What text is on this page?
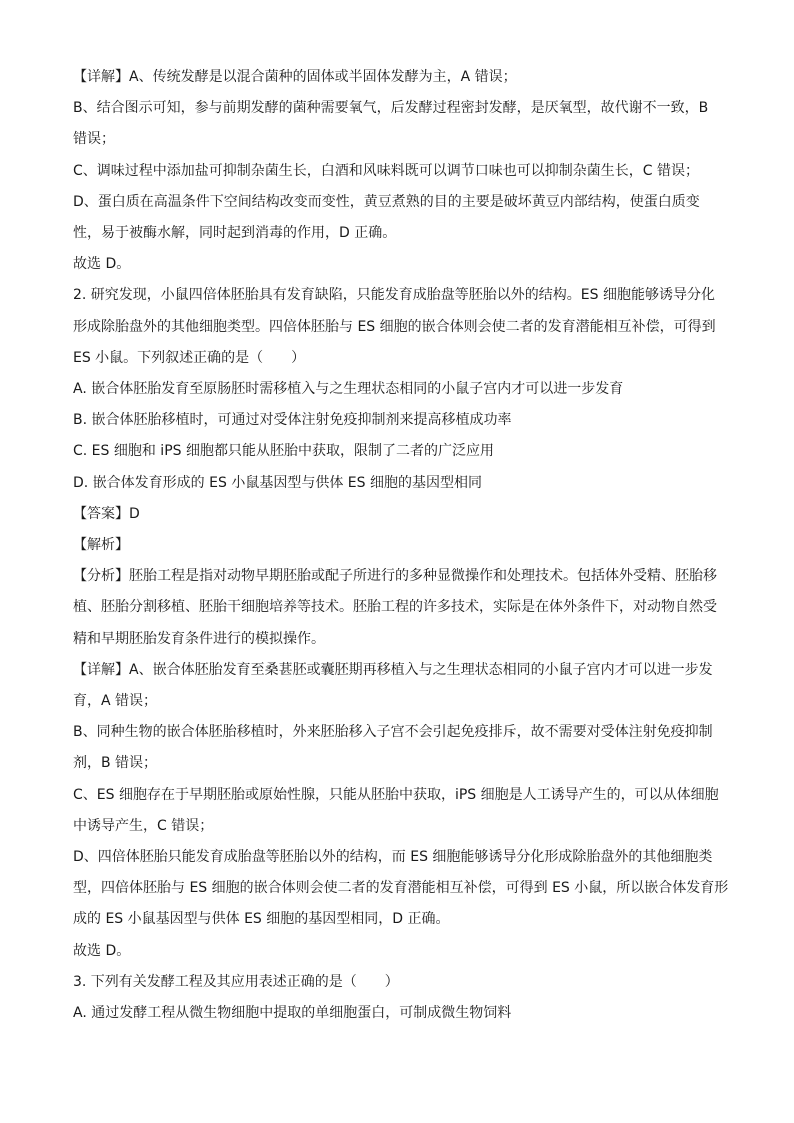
【详解】A、传统发酵是以混合菌种的固体或半固体发酵为主，A 错误；
B、结合图示可知，参与前期发酵的菌种需要氧气，后发酵过程密封发酵，是厌氧型，故代谢不一致，B
错误；
C、调味过程中添加盐可抑制杂菌生长，白酒和风味料既可以调节口味也可以抑制杂菌生长，C 错误；
D、蛋白质在高温条件下空间结构改变而变性，黄豆煮熟的目的主要是破坏黄豆内部结构，使蛋白质变
性，易于被酶水解，同时起到消毒的作用，D 正确。
故选 D。
2. 研究发现，小鼠四倍体胚胎具有发育缺陷，只能发育成胎盘等胚胎以外的结构。ES 细胞能够诱导分化
形成除胎盘外的其他细胞类型。四倍体胚胎与 ES 细胞的嵌合体则会使二者的发育潜能相互补偿，可得到
ES 小鼠。下列叙述正确的是（　　）
A. 嵌合体胚胎发育至原肠胚时需移植入与之生理状态相同的小鼠子宫内才可以进一步发育
B. 嵌合体胚胎移植时，可通过对受体注射免疫抑制剂来提高移植成功率
C. ES 细胞和 iPS 细胞都只能从胚胎中获取，限制了二者的广泛应用
D. 嵌合体发育形成的 ES 小鼠基因型与供体 ES 细胞的基因型相同
【答案】D
【解析】
【分析】胚胎工程是指对动物早期胚胎或配子所进行的多种显微操作和处理技术。包括体外受精、胚胎移
植、胚胎分割移植、胚胎干细胞培养等技术。胚胎工程的许多技术，实际是在体外条件下，对动物自然受
精和早期胚胎发育条件进行的模拟操作。
【详解】A、嵌合体胚胎发育至桑葚胚或囊胚期再移植入与之生理状态相同的小鼠子宫内才可以进一步发
育，A 错误；
B、同种生物的嵌合体胚胎移植时，外来胚胎移入子宫不会引起免疫排斥，故不需要对受体注射免疫抑制
剂，B 错误；
C、ES 细胞存在于早期胚胎或原始性腺，只能从胚胎中获取，iPS 细胞是人工诱导产生的，可以从体细胞
中诱导产生，C 错误；
D、四倍体胚胎只能发育成胎盘等胚胎以外的结构，而 ES 细胞能够诱导分化形成除胎盘外的其他细胞类
型，四倍体胚胎与 ES 细胞的嵌合体则会使二者的发育潜能相互补偿，可得到 ES 小鼠，所以嵌合体发育形
成的 ES 小鼠基因型与供体 ES 细胞的基因型相同，D 正确。
故选 D。
3. 下列有关发酵工程及其应用表述正确的是（　　）
A. 通过发酵工程从微生物细胞中提取的单细胞蛋白，可制成微生物饲料
